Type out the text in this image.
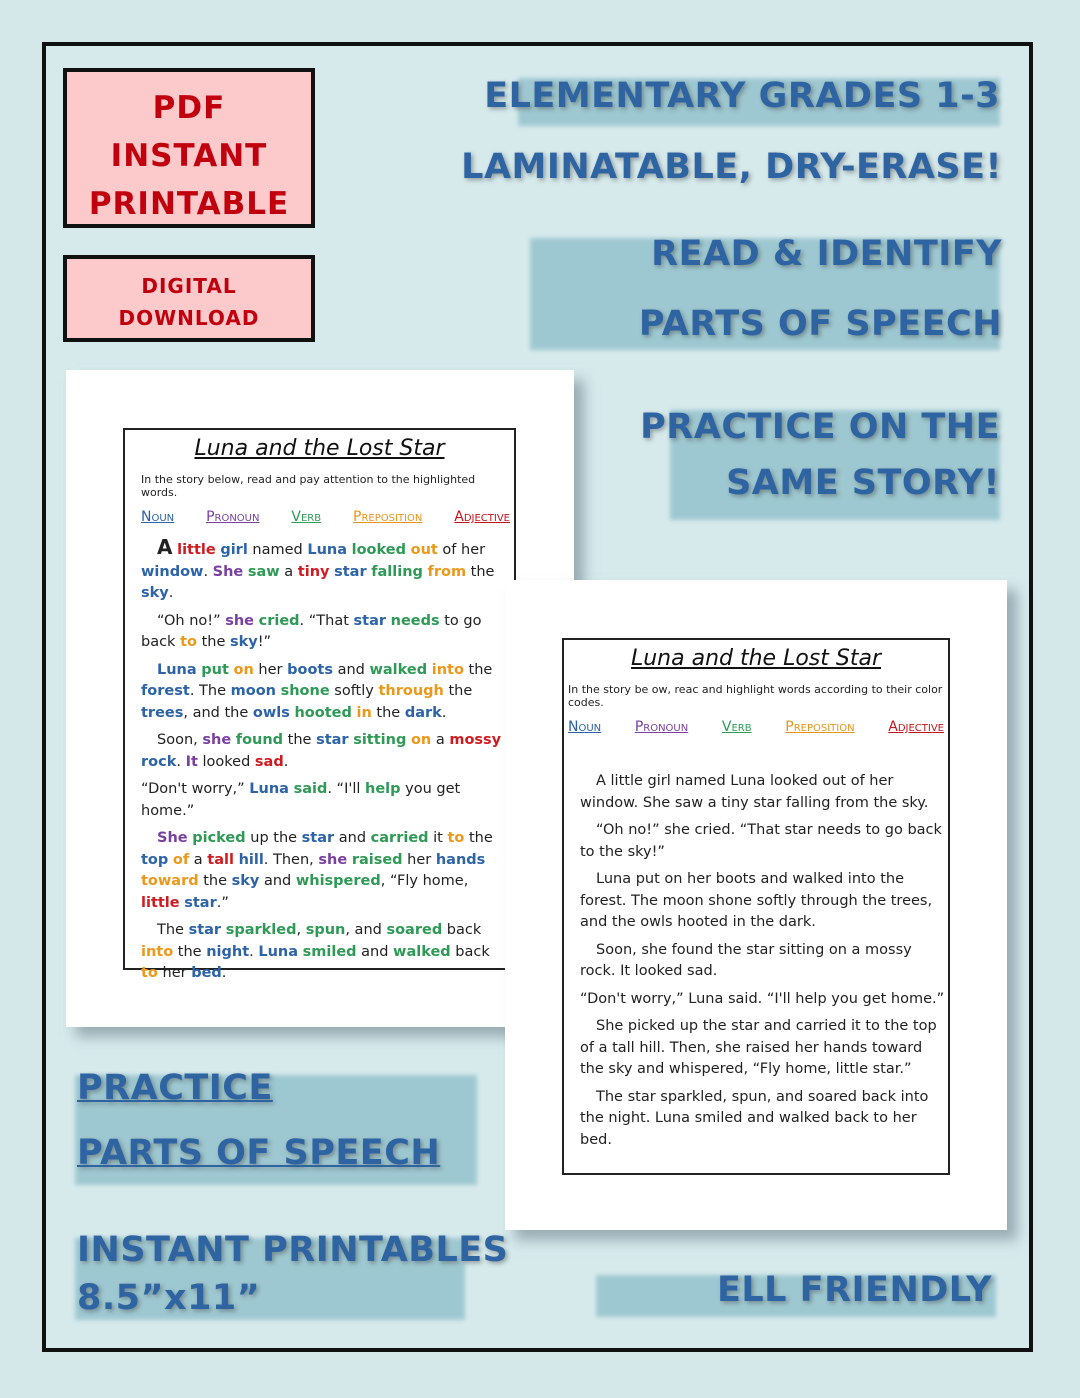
PDF
INSTANT
PRINTABLE
DIGITAL
DOWNLOAD
ELEMENTARY GRADES 1-3
LAMINATABLE, DRY-ERASE!
READ & IDENTIFY
PARTS OF SPEECH
PRACTICE ON THE
SAME STORY!
Luna and the Lost Star
In the story below, read and pay attention to the highlighted words.
Noun Pronoun Verb Preposition Adjective

A little girl named Luna looked out of her window. She saw a tiny star falling from the sky.

“Oh no!” she cried. “That star needs to go back to the sky!”

Luna put on her boots and walked into the forest. The moon shone softly through the trees, and the owls hooted in the dark.

Soon, she found the star sitting on a mossy rock. It looked sad.

“Don't worry,” Luna said. “I'll help you get home.”

She picked up the star and carried it to the top of a tall hill. Then, she raised her hands toward the sky and whispered, “Fly home, little star.”

The star sparkled, spun, and soared back into the night. Luna smiled and walked back to her bed.

Luna and the Lost Star
In the story be ow, reac and highlight words according to their color codes.
Noun Pronoun Verb Preposition Adjective

A little girl named Luna looked out of her window. She saw a tiny star falling from the sky.

“Oh no!” she cried. “That star needs to go back to the sky!”

Luna put on her boots and walked into the forest. The moon shone softly through the trees, and the owls hooted in the dark.

Soon, she found the star sitting on a mossy rock. It looked sad.

“Don't worry,” Luna said. “I'll help you get home.”

She picked up the star and carried it to the top of a tall hill. Then, she raised her hands toward the sky and whispered, “Fly home, little star.”

The star sparkled, spun, and soared back into the night. Luna smiled and walked back to her bed.

PRACTICE
PARTS OF SPEECH
INSTANT PRINTABLES
8.5”x11”	ELL FRIENDLY
